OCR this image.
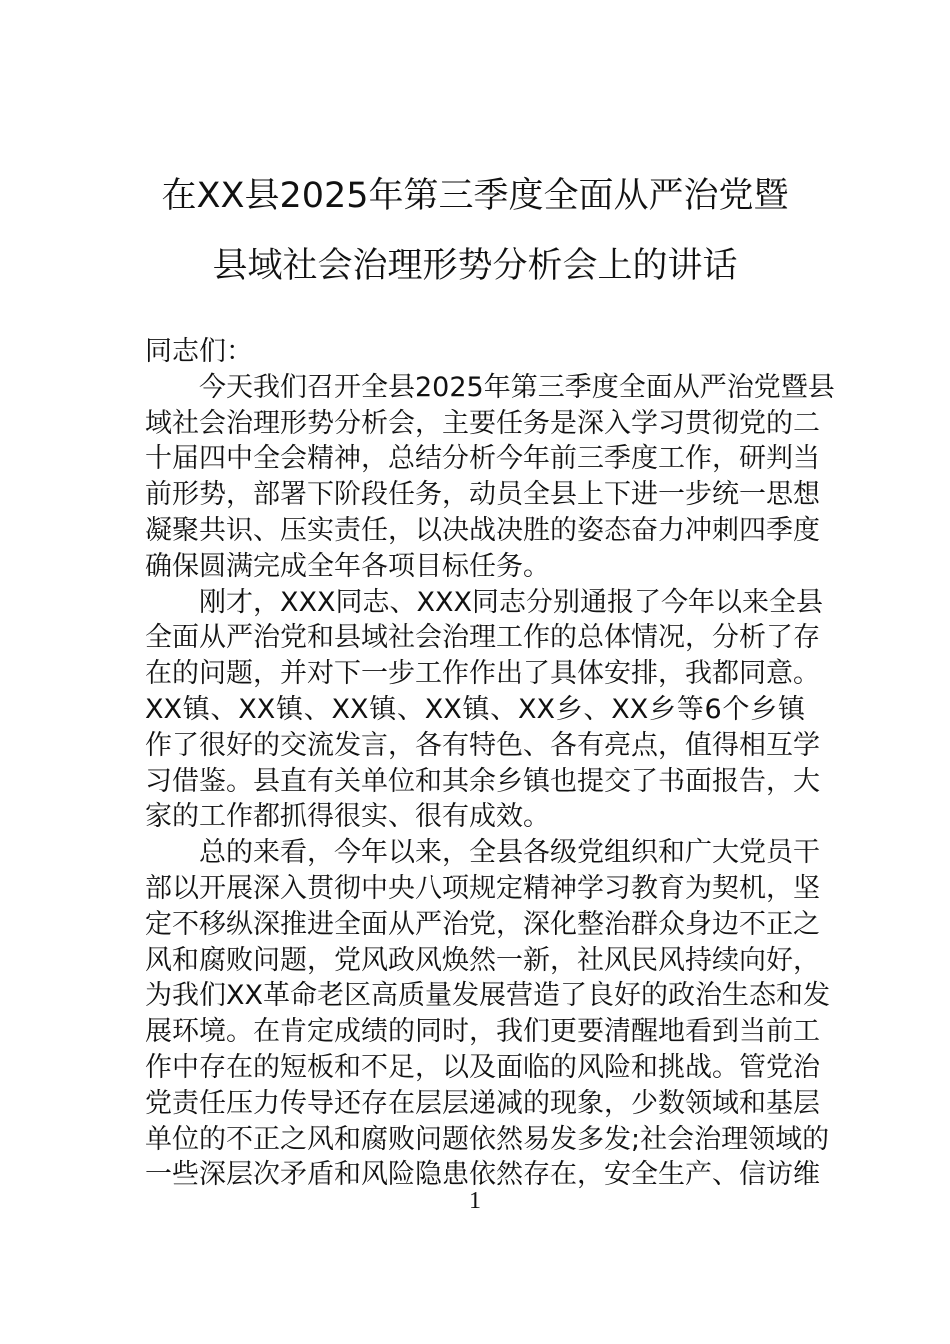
在XX县2025年第三季度全面从严治党暨
县域社会治理形势分析会上的讲话
同志们：
今天我们召开全县2025年第三季度全面从严治党暨县
域社会治理形势分析会，主要任务是深入学习贯彻党的二
十届四中全会精神，总结分析今年前三季度工作，研判当
前形势，部署下阶段任务，动员全县上下进一步统一思想
凝聚共识、压实责任，以决战决胜的姿态奋力冲刺四季度
确保圆满完成全年各项目标任务。
刚才，XXX同志、XXX同志分别通报了今年以来全县
全面从严治党和县域社会治理工作的总体情况，分析了存
在的问题，并对下一步工作作出了具体安排，我都同意。
XX镇、XX镇、XX镇、XX镇、XX乡、XX乡等6个乡镇
作了很好的交流发言，各有特色、各有亮点，值得相互学
习借鉴。县直有关单位和其余乡镇也提交了书面报告，大
家的工作都抓得很实、很有成效。
总的来看，今年以来，全县各级党组织和广大党员干
部以开展深入贯彻中央八项规定精神学习教育为契机，坚
定不移纵深推进全面从严治党，深化整治群众身边不正之
风和腐败问题，党风政风焕然一新，社风民风持续向好，
为我们XX革命老区高质量发展营造了良好的政治生态和发
展环境。在肯定成绩的同时，我们更要清醒地看到当前工
作中存在的短板和不足，以及面临的风险和挑战。管党治
党责任压力传导还存在层层递减的现象，少数领域和基层
单位的不正之风和腐败问题依然易发多发;社会治理领域的
一些深层次矛盾和风险隐患依然存在，安全生产、信访维
1
